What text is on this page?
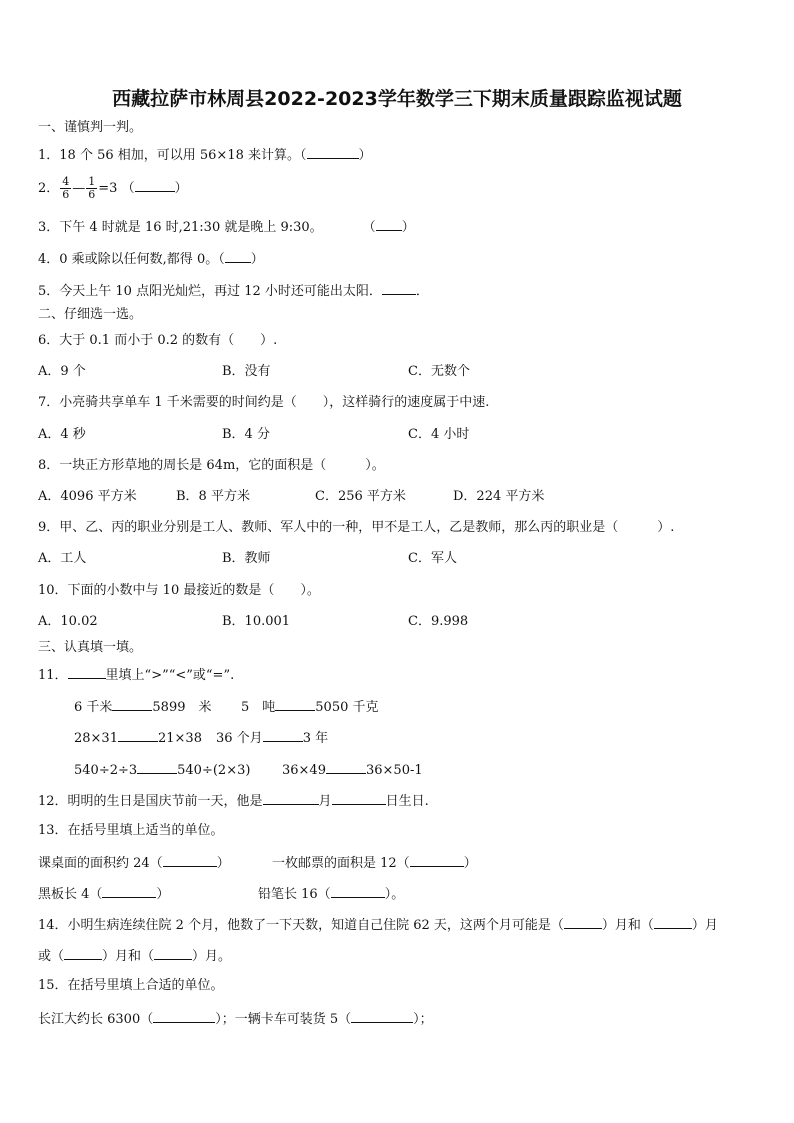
西藏拉萨市林周县2022-2023学年数学三下期末质量跟踪监视试题
一、谨慎判一判。
1．18 个 56 相加，可以用 56×18 来计算。（	）
2． $\frac{4}{6}$ — $\frac{1}{6} =3$ （	）
3．下午 4 时就是 16 时,21:30 就是晚上 9:30。	（ ）
4．0 乘或除以任何数,都得 0。（ ）
5．今天上午 10 点阳光灿烂，再过 12 小时还可能出太阳．	．
二、仔细选一选。
6．大于 0.1 而小于 0.2 的数有（　　）.
A．9 个	B．没有	C．无数个
7．小亮骑共享单车 1 千米需要的时间约是（　　），这样骑行的速度属于中速.
A．4 秒	B．4 分	C．4 小时
8．一块正方形草地的周长是 64m，它的面积是（　　　）。
A．4096 平方米	B．8 平方米	C．256 平方米	D．224 平方米
9．甲、乙、丙的职业分别是工人、教师、军人中的一种，甲不是工人，乙是教师，那么丙的职业是（　　　）.
A．工人	B．教师	C．军人
10．下面的小数中与 10 最接近的数是（　　）。
A．10.02	B．10.001	C．9.998
三、认真填一填。
11．	里填上“>”“<”或“=”.
6 千米	5899　米 5　吨	5050 千克
28×31	21×38 36 个月	3 年
540÷2÷3	540÷(2×3) 36×49	36×50-1
12．明明的生日是国庆节前一天，他是	月	日生日.
13．在括号里填上适当的单位。
课桌面的面积约 24（	）	一枚邮票的面积是 12（	）
黑板长 4（	）	铅笔长 16（	）。
14．小明生病连续住院 2 个月，他数了一下天数，知道自己住院 62 天，这两个月可能是（	）月和（	）月
或（	）月和（	）月。
15．在括号里填上合适的单位。
长江大约长 6300（	）；一辆卡车可装货 5（	）；
